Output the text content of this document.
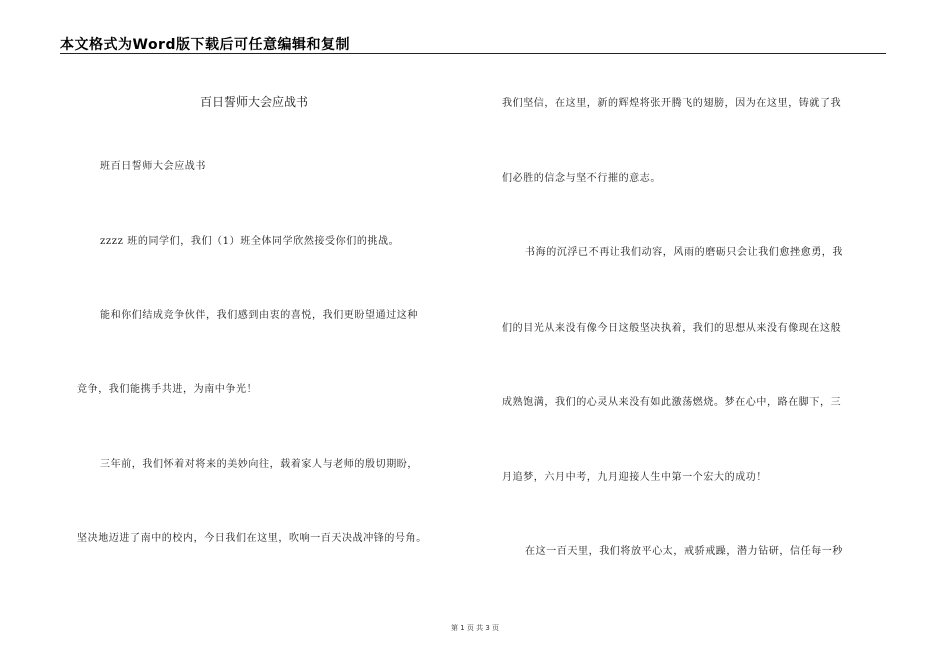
本文格式为Word版下载后可任意编辑和复制
百日誓师大会应战书
班百日誓师大会应战书
zzzz 班的同学们，我们（1）班全体同学欣然接受你们的挑战。
能和你们结成竞争伙伴，我们感到由衷的喜悦，我们更盼望通过这种
竞争，我们能携手共进，为南中争光！
三年前，我们怀着对将来的美妙向往，载着家人与老师的殷切期盼，
坚决地迈进了南中的校内，今日我们在这里，吹响一百天决战冲锋的号角。
我们坚信，在这里，新的辉煌将张开腾飞的翅膀，因为在这里，铸就了我
们必胜的信念与坚不行摧的意志。
书海的沉浮已不再让我们动容，风雨的磨砺只会让我们愈挫愈勇，我
们的目光从来没有像今日这般坚决执着，我们的思想从来没有像现在这般
成熟饱满，我们的心灵从来没有如此激荡燃烧。梦在心中，路在脚下，三
月追梦，六月中考，九月迎接人生中第一个宏大的成功！
在这一百天里，我们将放平心太，戒骄戒躁，潜力钻研，信任每一秒
第 1 页 共 3 页
